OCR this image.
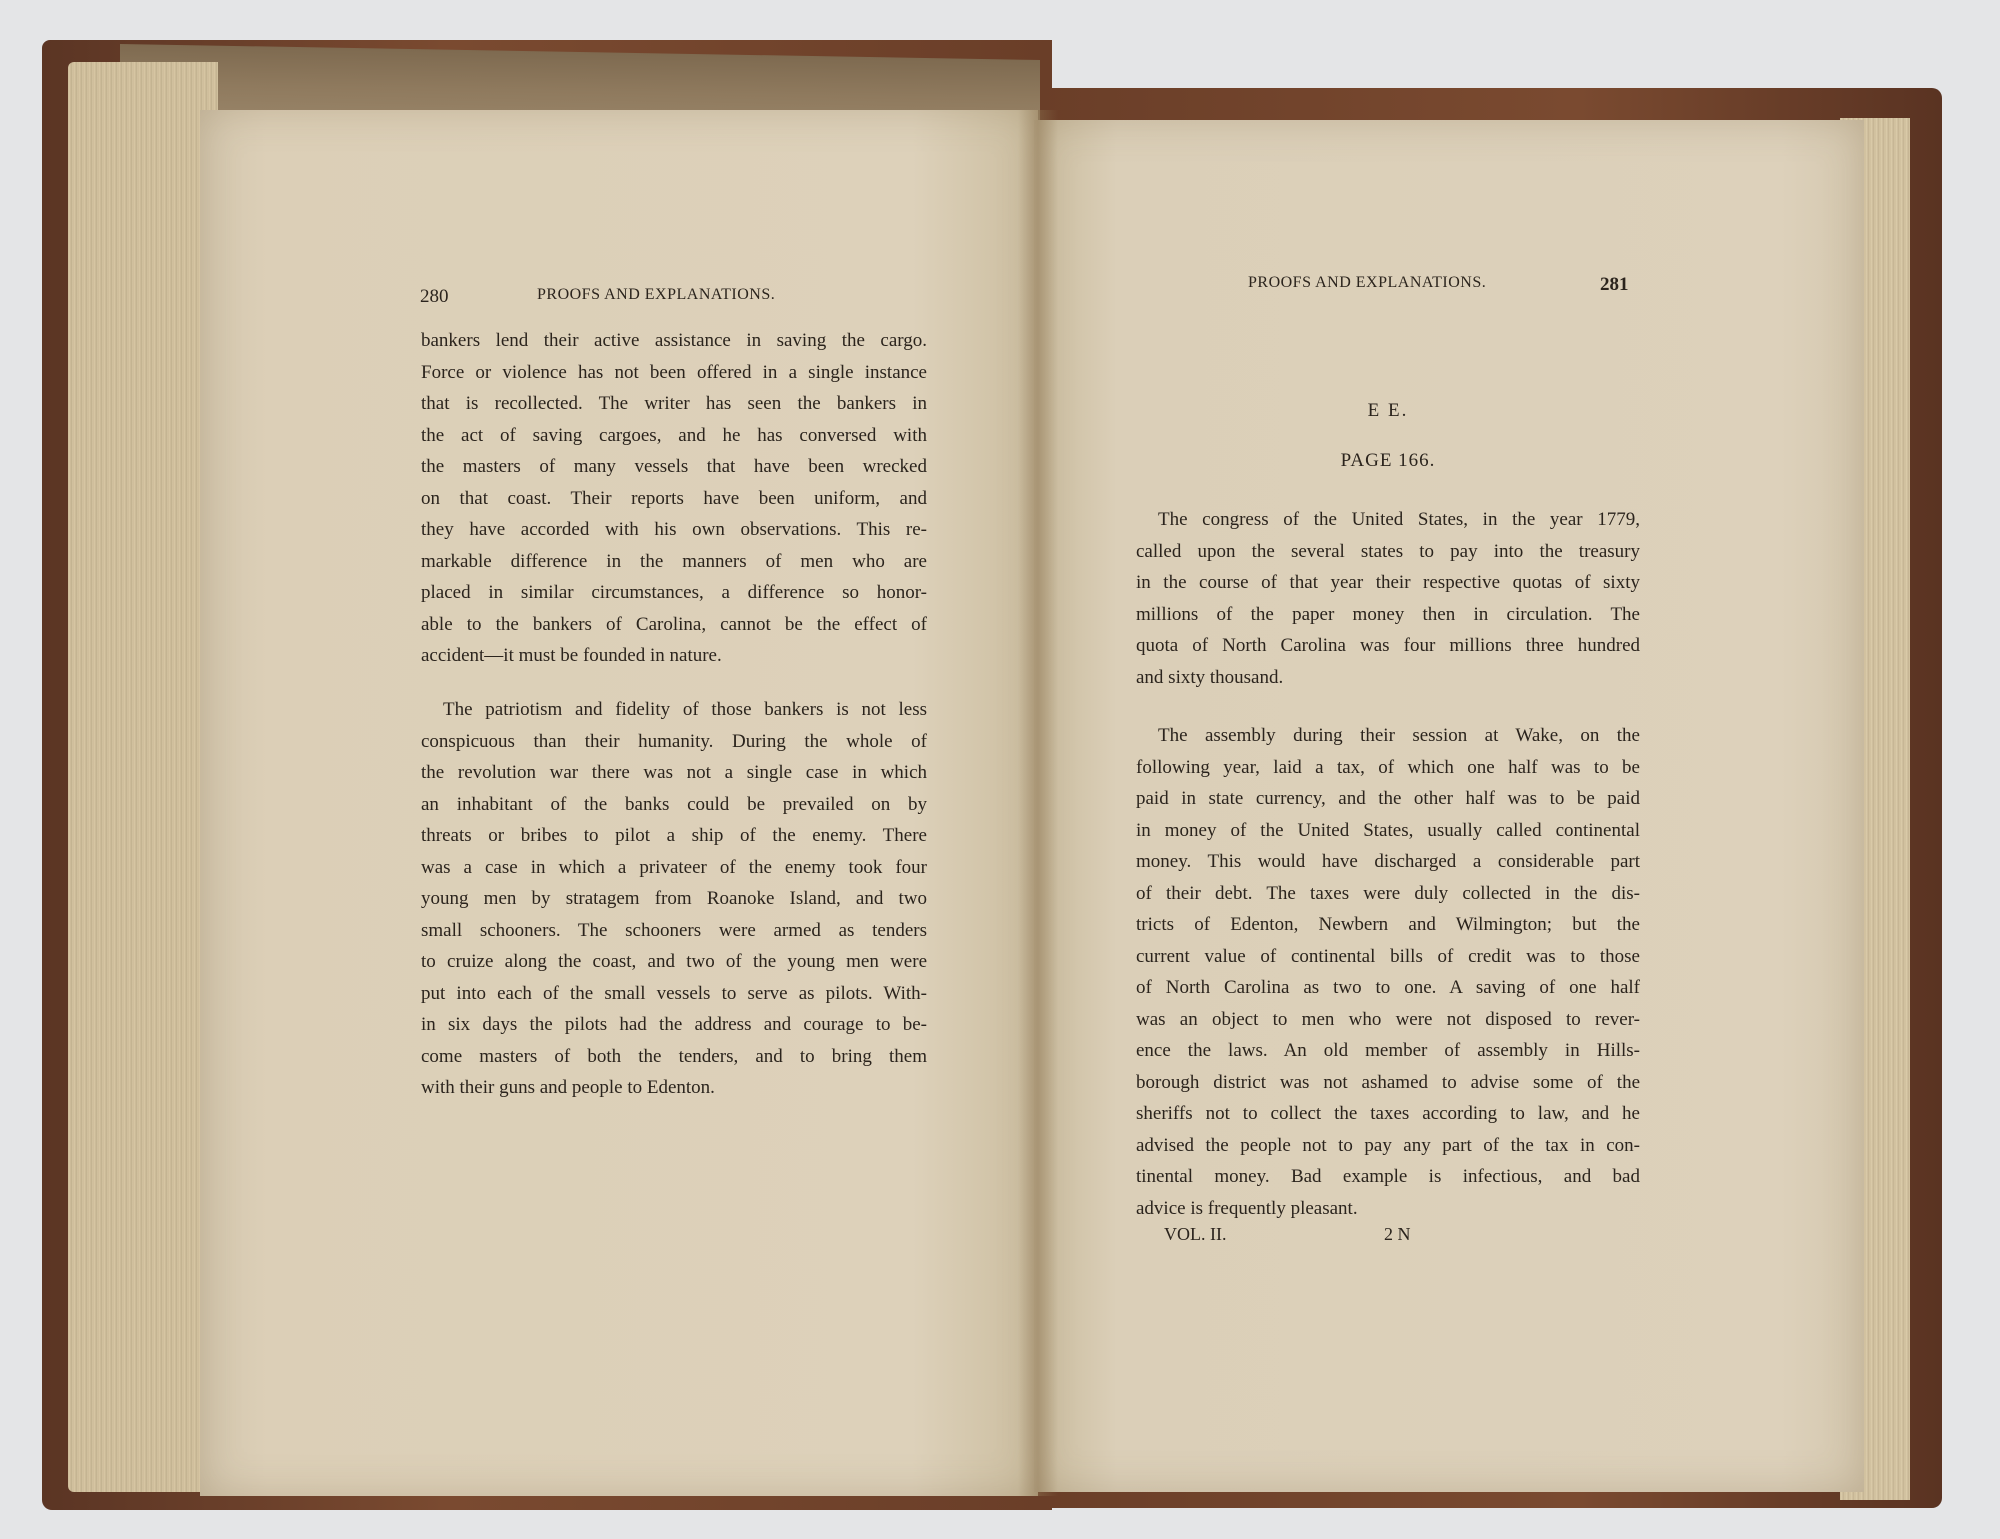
280	PROOFS AND EXPLANATIONS.
bankers lend their active assistance in saving the cargo.
Force or violence has not been offered in a single instance
that is recollected. The writer has seen the bankers in
the act of saving cargoes, and he has conversed with
the masters of many vessels that have been wrecked
on that coast. Their reports have been uniform, and
they have accorded with his own observations. This re-
markable difference in the manners of men who are
placed in similar circumstances, a difference so honor-
able to the bankers of Carolina, cannot be the effect of
accident—it must be founded in nature.
The patriotism and fidelity of those bankers is not less
conspicuous than their humanity. During the whole of
the revolution war there was not a single case in which
an inhabitant of the banks could be prevailed on by
threats or bribes to pilot a ship of the enemy. There
was a case in which a privateer of the enemy took four
young men by stratagem from Roanoke Island, and two
small schooners. The schooners were armed as tenders
to cruize along the coast, and two of the young men were
put into each of the small vessels to serve as pilots. With-
in six days the pilots had the address and courage to be-
come masters of both the tenders, and to bring them
with their guns and people to Edenton.
PROOFS AND EXPLANATIONS.	281
E E.
PAGE 166.
The congress of the United States, in the year 1779,
called upon the several states to pay into the treasury
in the course of that year their respective quotas of sixty
millions of the paper money then in circulation. The
quota of North Carolina was four millions three hundred
and sixty thousand.
The assembly during their session at Wake, on the
following year, laid a tax, of which one half was to be
paid in state currency, and the other half was to be paid
in money of the United States, usually called continental
money. This would have discharged a considerable part
of their debt. The taxes were duly collected in the dis-
tricts of Edenton, Newbern and Wilmington; but the
current value of continental bills of credit was to those
of North Carolina as two to one. A saving of one half
was an object to men who were not disposed to rever-
ence the laws. An old member of assembly in Hills-
borough district was not ashamed to advise some of the
sheriffs not to collect the taxes according to law, and he
advised the people not to pay any part of the tax in con-
tinental money. Bad example is infectious, and bad
advice is frequently pleasant.
VOL. II.	2 N
